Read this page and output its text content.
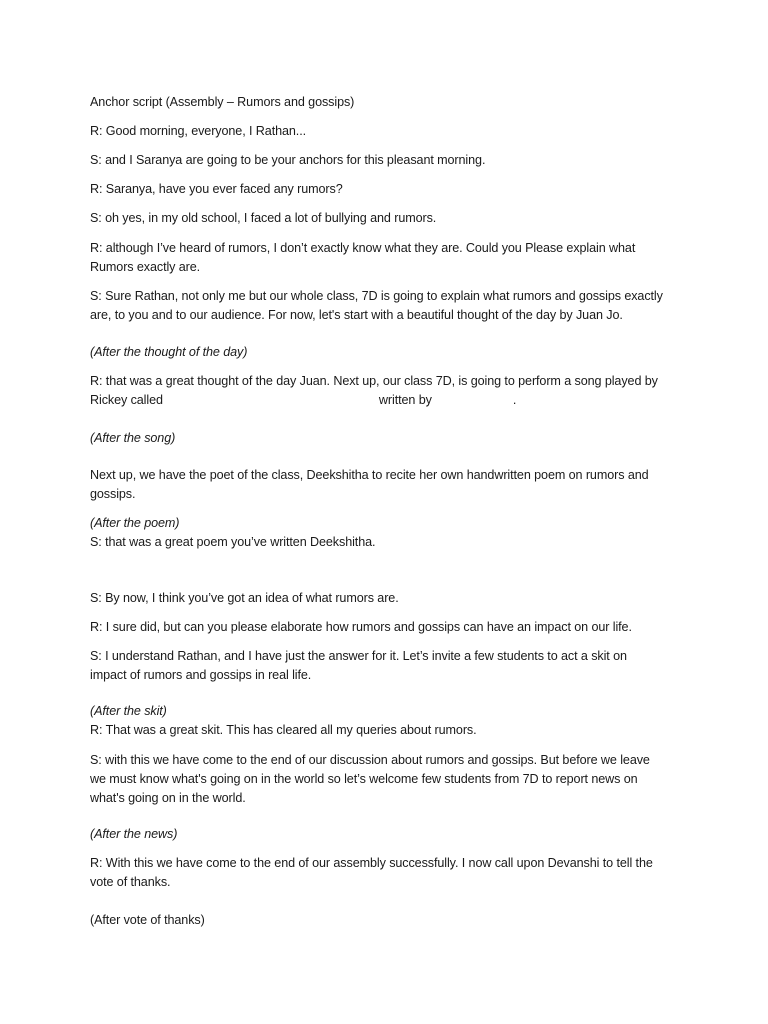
Anchor script (Assembly – Rumors and gossips)
R: Good morning, everyone, I Rathan...
S: and I Saranya are going to be your anchors for this pleasant morning.
R: Saranya, have you ever faced any rumors?
S: oh yes, in my old school, I faced a lot of bullying and rumors.
R: although I’ve heard of rumors, I don’t exactly know what they are. Could you Please explain what
Rumors exactly are.
S: Sure Rathan, not only me but our whole class, 7D is going to explain what rumors and gossips exactly
are, to you and to our audience. For now, let's start with a beautiful thought of the day by Juan Jo.
(After the thought of the day)
R: that was a great thought of the day Juan. Next up, our class 7D, is going to perform a song played by
Rickey called	written by	.
(After the song)
Next up, we have the poet of the class, Deekshitha to recite her own handwritten poem on rumors and
gossips.
(After the poem)
S: that was a great poem you’ve written Deekshitha.
S: By now, I think you’ve got an idea of what rumors are.
R: I sure did, but can you please elaborate how rumors and gossips can have an impact on our life.
S: I understand Rathan, and I have just the answer for it. Let’s invite a few students to act a skit on
impact of rumors and gossips in real life.
(After the skit)
R: That was a great skit. This has cleared all my queries about rumors.
S: with this we have come to the end of our discussion about rumors and gossips. But before we leave
we must know what's going on in the world so let’s welcome few students from 7D to report news on
what's going on in the world.
(After the news)
R: With this we have come to the end of our assembly successfully. I now call upon Devanshi to tell the
vote of thanks.
(After vote of thanks)
